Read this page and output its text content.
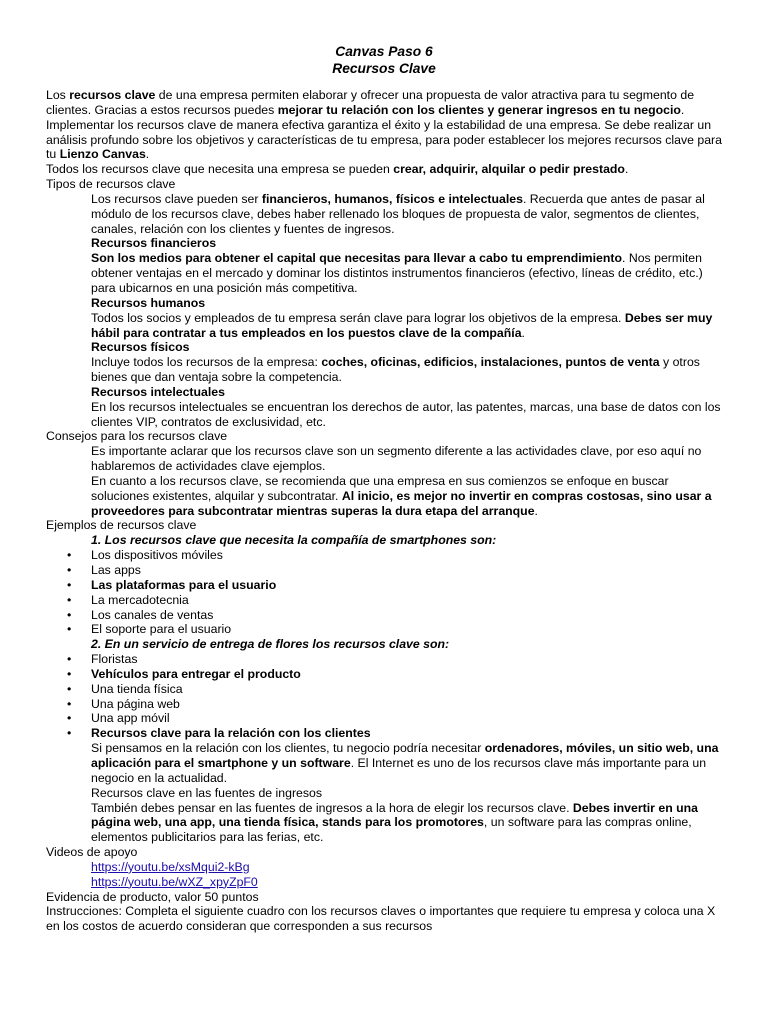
Canvas Paso 6
Recursos Clave

Los recursos clave de una empresa permiten elaborar y ofrecer una propuesta de valor atractiva para tu segmento de clientes. Gracias a estos recursos puedes mejorar tu relación con los clientes y generar ingresos en tu negocio.

Implementar los recursos clave de manera efectiva garantiza el éxito y la estabilidad de una empresa. Se debe realizar un análisis profundo sobre los objetivos y características de tu empresa, para poder establecer los mejores recursos clave para tu Lienzo Canvas.

Todos los recursos clave que necesita una empresa se pueden crear, adquirir, alquilar o pedir prestado.

Tipos de recursos clave

Los recursos clave pueden ser financieros, humanos, físicos e intelectuales. Recuerda que antes de pasar al módulo de los recursos clave, debes haber rellenado los bloques de propuesta de valor, segmentos de clientes, canales, relación con los clientes y fuentes de ingresos.

Recursos financieros

Son los medios para obtener el capital que necesitas para llevar a cabo tu emprendimiento. Nos permiten obtener ventajas en el mercado y dominar los distintos instrumentos financieros (efectivo, líneas de crédito, etc.) para ubicarnos en una posición más competitiva.

Recursos humanos

Todos los socios y empleados de tu empresa serán clave para lograr los objetivos de la empresa. Debes ser muy hábil para contratar a tus empleados en los puestos clave de la compañía.

Recursos físicos

Incluye todos los recursos de la empresa: coches, oficinas, edificios, instalaciones, puntos de venta y otros bienes que dan ventaja sobre la competencia.

Recursos intelectuales

En los recursos intelectuales se encuentran los derechos de autor, las patentes, marcas, una base de datos con los clientes VIP, contratos de exclusividad, etc.

Consejos para los recursos clave

Es importante aclarar que los recursos clave son un segmento diferente a las actividades clave, por eso aquí no hablaremos de actividades clave ejemplos.

En cuanto a los recursos clave, se recomienda que una empresa en sus comienzos se enfoque en buscar soluciones existentes, alquilar y subcontratar. Al inicio, es mejor no invertir en compras costosas, sino usar a proveedores para subcontratar mientras superas la dura etapa del arranque.

Ejemplos de recursos clave

1. Los recursos clave que necesita la compañía de smartphones son:

• Los dispositivos móviles

• Las apps

• Las plataformas para el usuario

• La mercadotecnia

• Los canales de ventas

• El soporte para el usuario

2. En un servicio de entrega de flores los recursos clave son:

• Floristas

• Vehículos para entregar el producto

• Una tienda física

• Una página web

• Una app móvil

• Recursos clave para la relación con los clientes

Si pensamos en la relación con los clientes, tu negocio podría necesitar ordenadores, móviles, un sitio web, una aplicación para el smartphone y un software. El Internet es uno de los recursos clave más importante para un negocio en la actualidad.

Recursos clave en las fuentes de ingresos

También debes pensar en las fuentes de ingresos a la hora de elegir los recursos clave. Debes invertir en una página web, una app, una tienda física, stands para los promotores, un software para las compras online, elementos publicitarios para las ferias, etc.

Videos de apoyo

https://youtu.be/xsMqui2-kBg

https://youtu.be/wXZ_xpyZpF0

Evidencia de producto, valor 50 puntos

Instrucciones: Completa el siguiente cuadro con los recursos claves o importantes que requiere tu empresa y coloca una X en los costos de acuerdo consideran que corresponden a sus recursos
